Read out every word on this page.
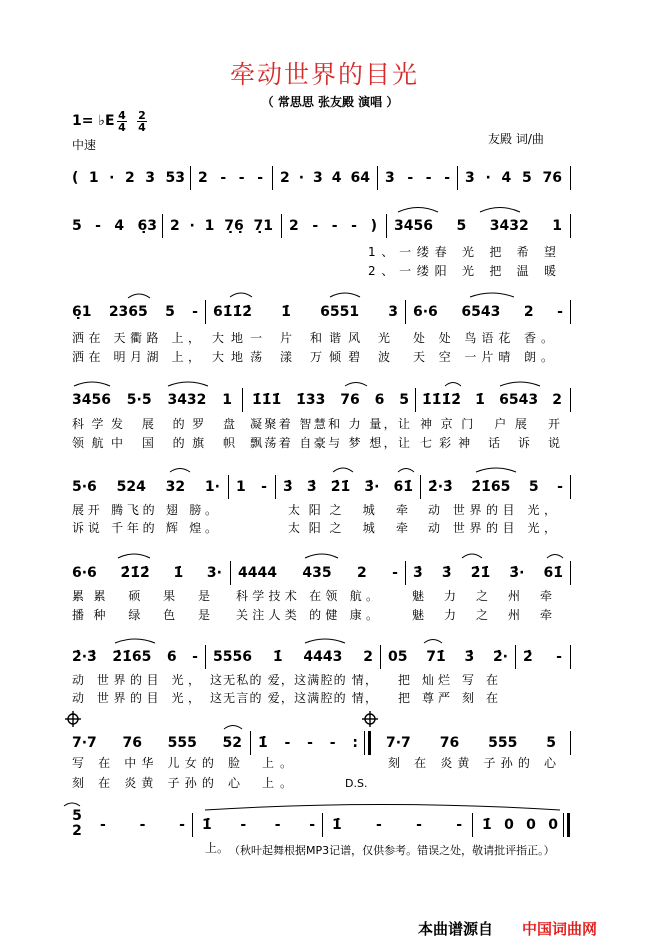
牵动世界的目光
（ 常思思 张友殿 演唱 ）
1= ♭E $\frac{4}{4} \frac{2}{4}$
中速	友殿 词/曲
( 1 · 2 3 53 2 - - - 2 · 3 4 64 3 - - - 3 · 4 5 76
5 - 4 6̣3 2 · 1 7̣6̣ 7̣1 2 - - - ) 3456 5 3432 1
1、一缕春 光 把 希 望
2、一缕阳 光 把 温 暖
6̣1 2365 5 - 61̇1̇2̇ 1̇ 6551 3 6·6 6543 2 -
洒在 天衢路 上， 大地一 片 和谐风 光 处 处 鸟语花 香。
洒在 明月湖 上， 大地荡 漾 万倾碧 波 天 空 一片晴 朗。
3456 5·5 3432 1 1̇1̇1̇ 1̇33 76 6 5 1̇1̇1̇2̇ 1̇ 6543 2
科学发 展 的罗 盘 凝聚着 智慧和 力 量，让 神京门 户展 开
领航中 国 的旗 帜 飘荡着 自豪与 梦 想，让 七彩神 话 诉 说
5·6 524 32 1· 1 - 3̇ 3̇ 2̇1̇ 3̇· 61̇ 2̇·3̇ 2̇1̇65 5 -
展开 腾飞的 翅 膀。	太阳之 城 牵 动 世界的目 光，
诉说 千年的 辉 煌。	太阳之 城 牵 动 世界的目 光，
6·6 2̇1̇2̇ 1̇ 3· 4444 435 2 - 3̇ 3̇ 2̇1̇ 3̇· 61̇
累累 硕 果 是 科学技术 在领 航。	魅 力 之 州 牵
播种 绿 色 是 关注人类 的健 康。	魅 力 之 州 牵
2̇·3̇ 2̇1̇65 6 - 5556 1̇ 4443 2 05 71̇ 3̇ 2̇· 2̇ -
动 世界的目 光， 这无私的 爱，这满腔的 情， 把 灿烂 写 在
动 世界的目 光， 这无言的 爱，这满腔的 情， 把 尊严 刻 在
7·7 76 555 52 1̇ - - - : 7·7 76 555 5
写 在 中华 儿女的 脸 上。	刻 在 炎黄 子孙的 心
刻 在 炎黄 子孙的 心 上。	D.S.
5
2 - - - 1̇ - - - 1̇ - - - 1̇ 0 0 0
上。 （秋叶起舞根据MP3记谱，仅供参考。错误之处，敬请批评指正。）
本曲谱源自 中国词曲网
